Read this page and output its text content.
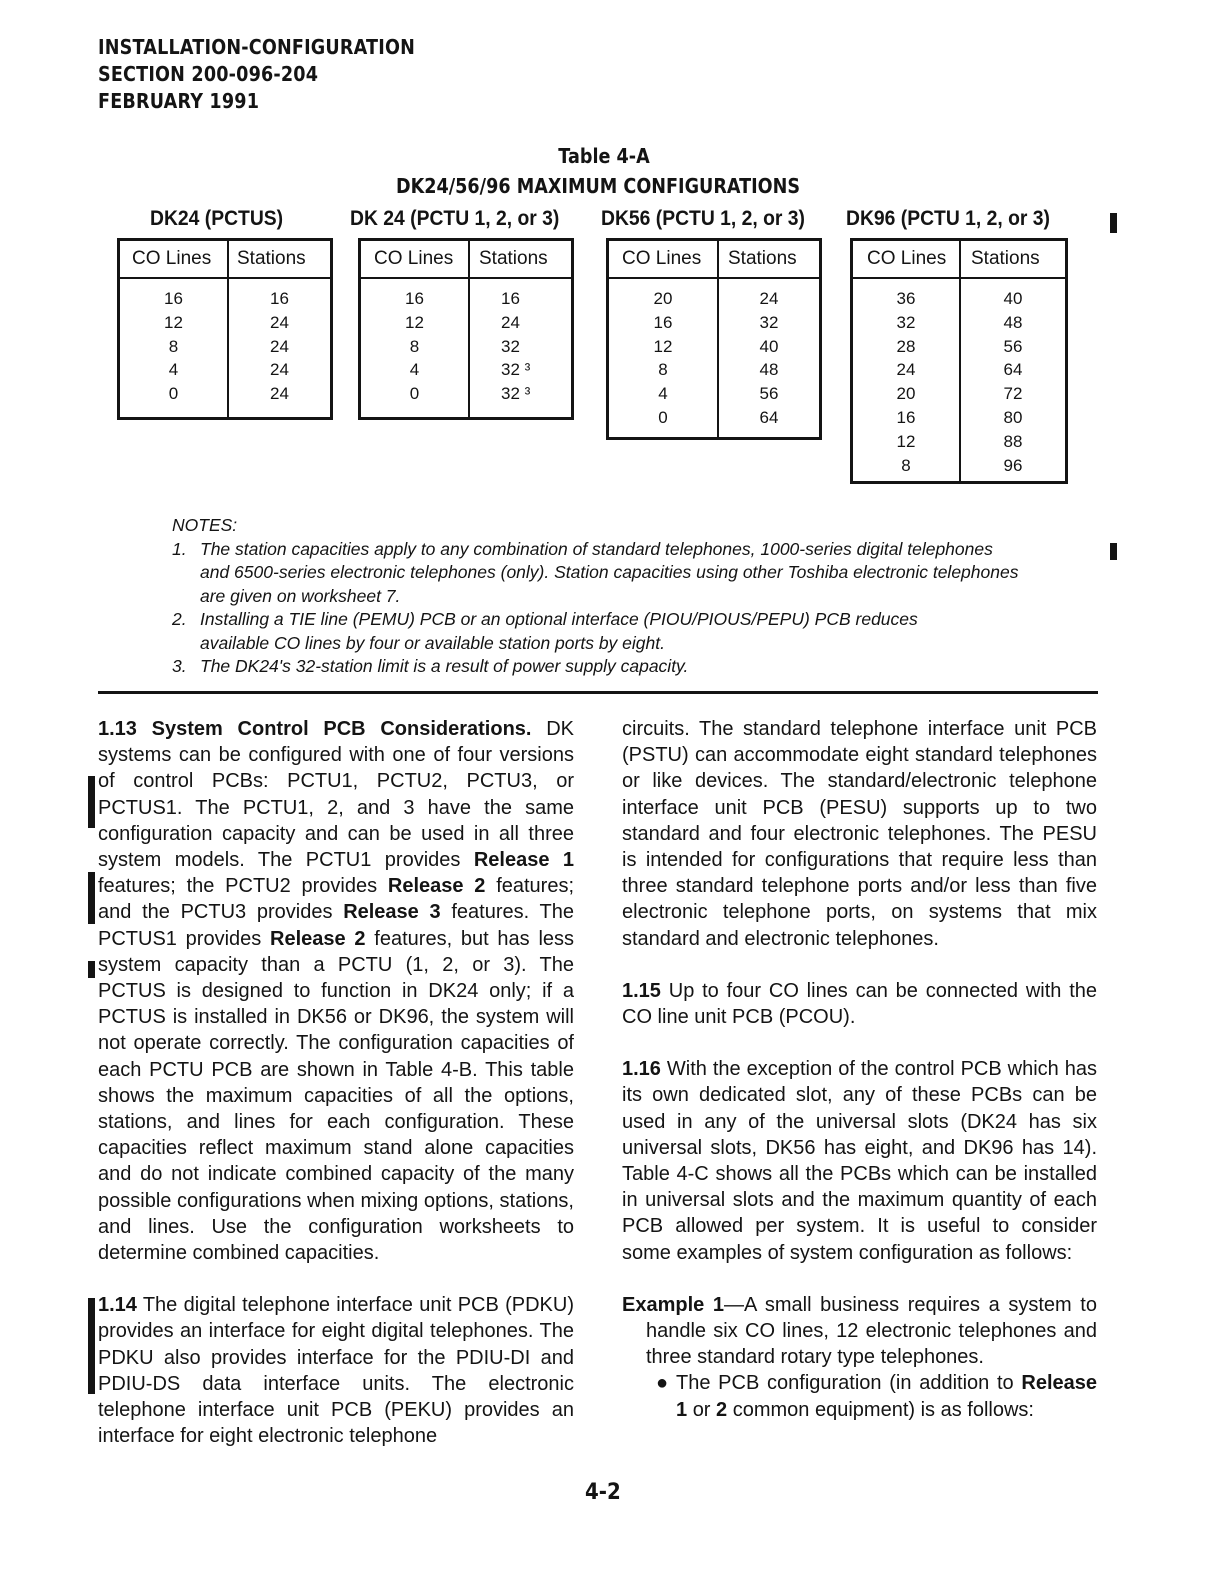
INSTALLATION-CONFIGURATION
SECTION 200-096-204
FEBRUARY 1991
Table 4-A
DK24/56/96 MAXIMUM CONFIGURATIONS
DK24 (PCTUS)	DK 24 (PCTU 1, 2, or 3) DK56 (PCTU 1, 2, or 3) DK96 (PCTU 1, 2, or 3)
CO Lines Stations
16
12
8
4
0
16
24
24
24
24
CO Lines Stations
16
12
8
4
0
16
24
32
32 ³
32 ³
CO Lines Stations
20
16
12
8
4
0
24
32
40
48
56
64
CO Lines Stations
36
32
28
24
20
16
12
8
40
48
56
64
72
80
88
96
NOTES:
1. The station capacities apply to any combination of standard telephones, 1000-series digital telephones and 6500-series electronic telephones (only). Station capacities using other Toshiba electronic telephones are given on worksheet 7.
2. Installing a TIE line (PEMU) PCB or an optional interface (PIOU/PIOUS/PEPU) PCB reduces available CO lines by four or available station ports by eight.
3. The DK24's 32-station limit is a result of power supply capacity.

1.13 System Control PCB Considerations. DK systems can be configured with one of four versions of control PCBs: PCTU1, PCTU2, PCTU3, or PCTUS1. The PCTU1, 2, and 3 have the same configuration capacity and can be used in all three system models. The PCTU1 provides Release 1 features; the PCTU2 provides Release 2 features; and the PCTU3 provides Release 3 features. The PCTUS1 provides Release 2 features, but has less system capacity than a PCTU (1, 2, or 3). The PCTUS is designed to function in DK24 only; if a PCTUS is installed in DK56 or DK96, the system will not operate correctly. The configuration capacities of each PCTU PCB are shown in Table 4-B. This table shows the maximum capacities of all the options, stations, and lines for each configuration. These capacities reflect maximum stand alone capacities and do not indicate combined capacity of the many possible configurations when mixing options, stations, and lines. Use the configuration worksheets to determine combined capacities.

1.14 The digital telephone interface unit PCB (PDKU) provides an interface for eight digital telephones. The PDKU also provides interface for the PDIU-DI and PDIU-DS data interface units. The electronic telephone interface unit PCB (PEKU) provides an interface for eight electronic telephone

circuits. The standard telephone interface unit PCB (PSTU) can accommodate eight standard telephones or like devices. The standard/electronic telephone interface unit PCB (PESU) supports up to two standard and four electronic telephones. The PESU is intended for configurations that require less than three standard telephone ports and/or less than five electronic telephone ports, on systems that mix standard and electronic telephones.

1.15 Up to four CO lines can be connected with the CO line unit PCB (PCOU).

1.16 With the exception of the control PCB which has its own dedicated slot, any of these PCBs can be used in any of the universal slots (DK24 has six universal slots, DK56 has eight, and DK96 has 14). Table 4-C shows all the PCBs which can be installed in universal slots and the maximum quantity of each PCB allowed per system. It is useful to consider some examples of system configuration as follows:

Example 1—A small business requires a system to handle six CO lines, 12 electronic telephones and three standard rotary type telephones.
● The PCB configuration (in addition to Release 1 or 2 common equipment) is as follows:
4-2
